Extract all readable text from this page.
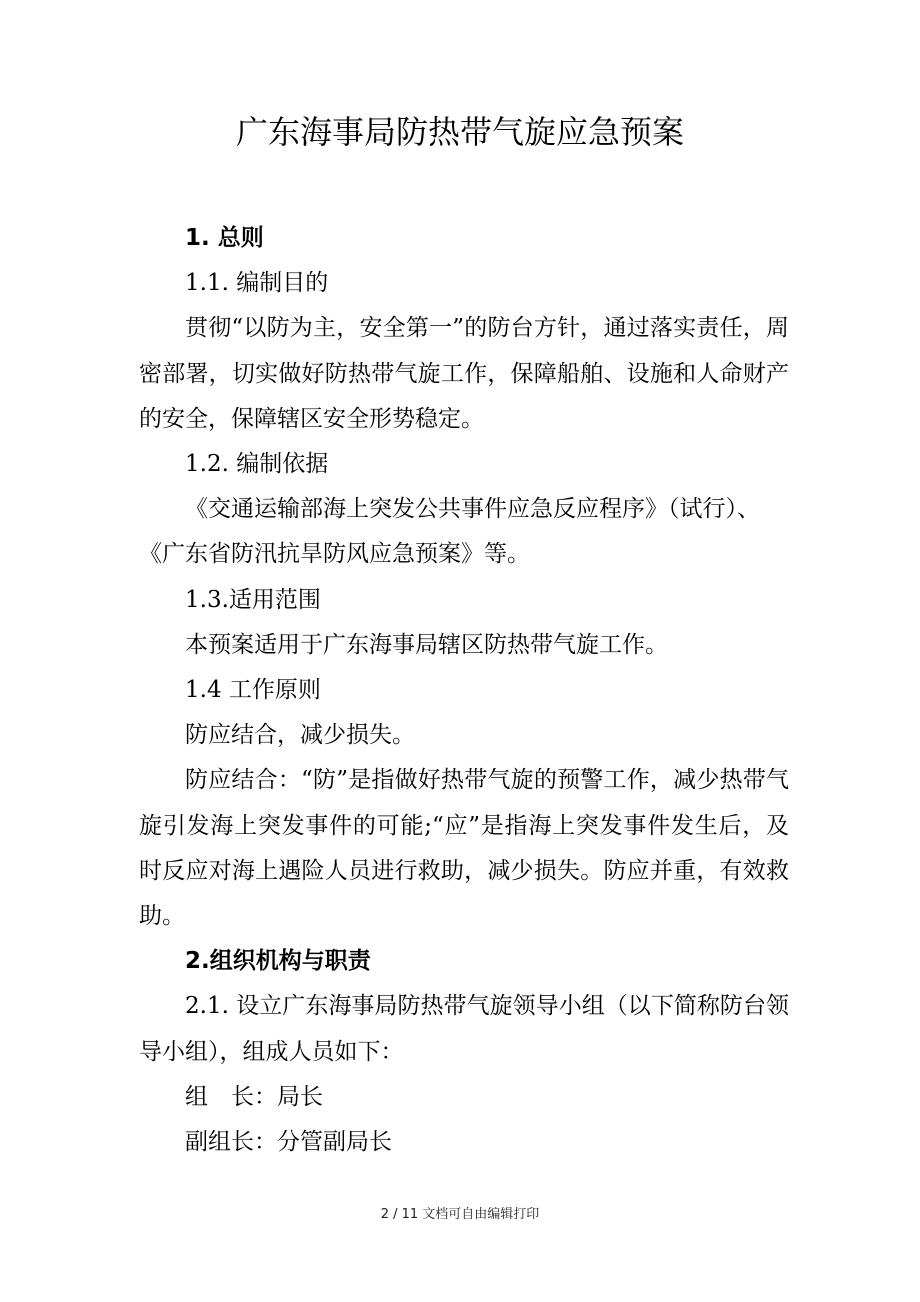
广东海事局防热带气旋应急预案

1. 总则

1.1. 编制目的

贯彻“以防为主，安全第一”的防台方针，通过落实责任，周密部署，切实做好防热带气旋工作，保障船舶、设施和人命财产的安全，保障辖区安全形势稳定。

1.2. 编制依据

《交通运输部海上突发公共事件应急反应程序》（试行）、《广东省防汛抗旱防风应急预案》等。

1.3.适用范围

本预案适用于广东海事局辖区防热带气旋工作。

1.4 工作原则

防应结合，减少损失。

防应结合：“防”是指做好热带气旋的预警工作，减少热带气旋引发海上突发事件的可能;“应”是指海上突发事件发生后，及时反应对海上遇险人员进行救助，减少损失。防应并重，有效救助。

2.组织机构与职责

2.1. 设立广东海事局防热带气旋领导小组（以下简称防台领导小组），组成人员如下：

组　长：局长

副组长：分管副局长

2 / 11 文档可自由编辑打印
